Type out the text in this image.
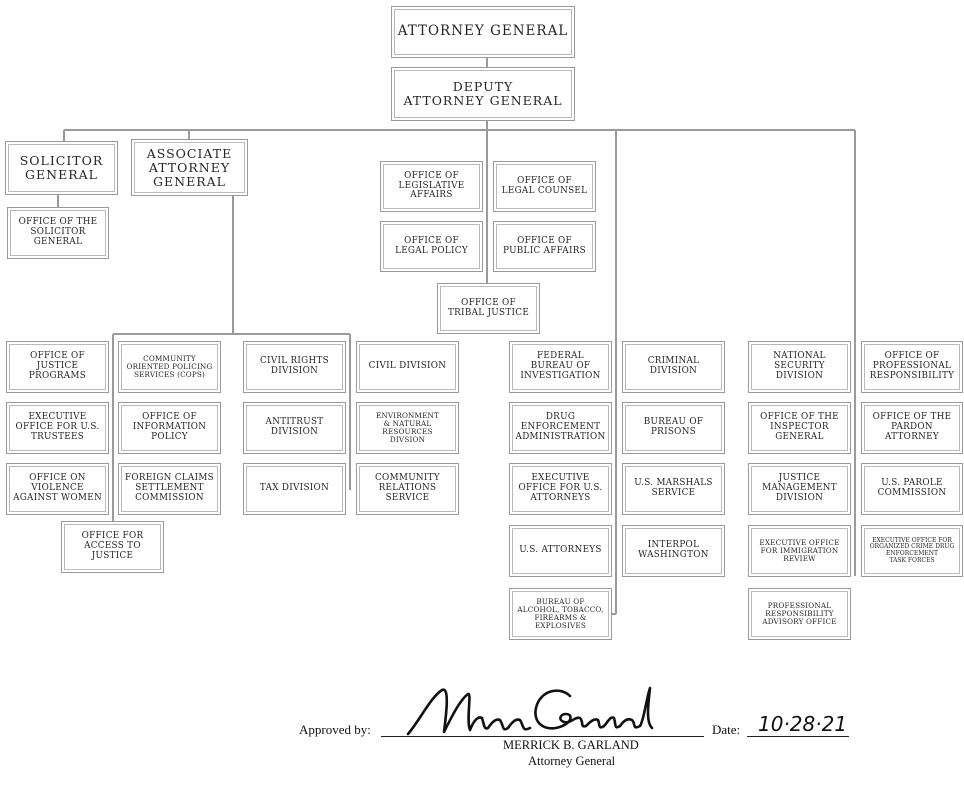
ATTORNEY GENERAL
DEPUTY
ATTORNEY GENERAL
SOLICITOR
GENERAL
ASSOCIATE
ATTORNEY
GENERAL
OFFICE OF THE
SOLICITOR
GENERAL
OFFICE OF
LEGISLATIVE
AFFAIRS
OFFICE OF
LEGAL COUNSEL
OFFICE OF
LEGAL POLICY
OFFICE OF
PUBLIC AFFAIRS
OFFICE OF
TRIBAL JUSTICE
OFFICE OF
JUSTICE
PROGRAMS
COMMUNITY
ORIENTED POLICING
SERVICES (COPS)
EXECUTIVE
OFFICE FOR U.S.
TRUSTEES
OFFICE OF
INFORMATION
POLICY
OFFICE ON
VIOLENCE
AGAINST WOMEN
FOREIGN CLAIMS
SETTLEMENT
COMMISSION
OFFICE FOR
ACCESS TO
JUSTICE
CIVIL RIGHTS
DIVISION	CIVIL DIVISION
ANTITRUST
DIVISION
ENVIRONMENT
& NATURAL
RESOURCES
DIVSION
TAX DIVISION
COMMUNITY
RELATIONS
SERVICE
FEDERAL
BUREAU OF
INVESTIGATION
CRIMINAL
DIVISION
DRUG
ENFORCEMENT
ADMINISTRATION
BUREAU OF
PRISONS
EXECUTIVE
OFFICE FOR U.S.
ATTORNEYS
U.S. MARSHALS
SERVICE
U.S. ATTORNEYS	INTERPOL
WASHINGTON
BUREAU OF
ALCOHOL, TOBACCO,
FIREARMS &
EXPLOSIVES
NATIONAL
SECURITY
DIVISION
OFFICE OF
PROFESSIONAL
RESPONSIBILITY
OFFICE OF THE
INSPECTOR
GENERAL
OFFICE OF THE
PARDON
ATTORNEY
JUSTICE
MANAGEMENT
DIVISION
U.S. PAROLE
COMMISSION
EXECUTIVE OFFICE
FOR IMMIGRATION
REVIEW
EXECUTIVE OFFICE FOR
ORGANIZED CRIME DRUG
ENFORCEMENT
TASK FORCES
PROFESSIONAL
RESPONSIBILITY
ADVISORY OFFICE
Approved by:	Date: 10·28·21
MERRICK B. GARLAND
Attorney General
